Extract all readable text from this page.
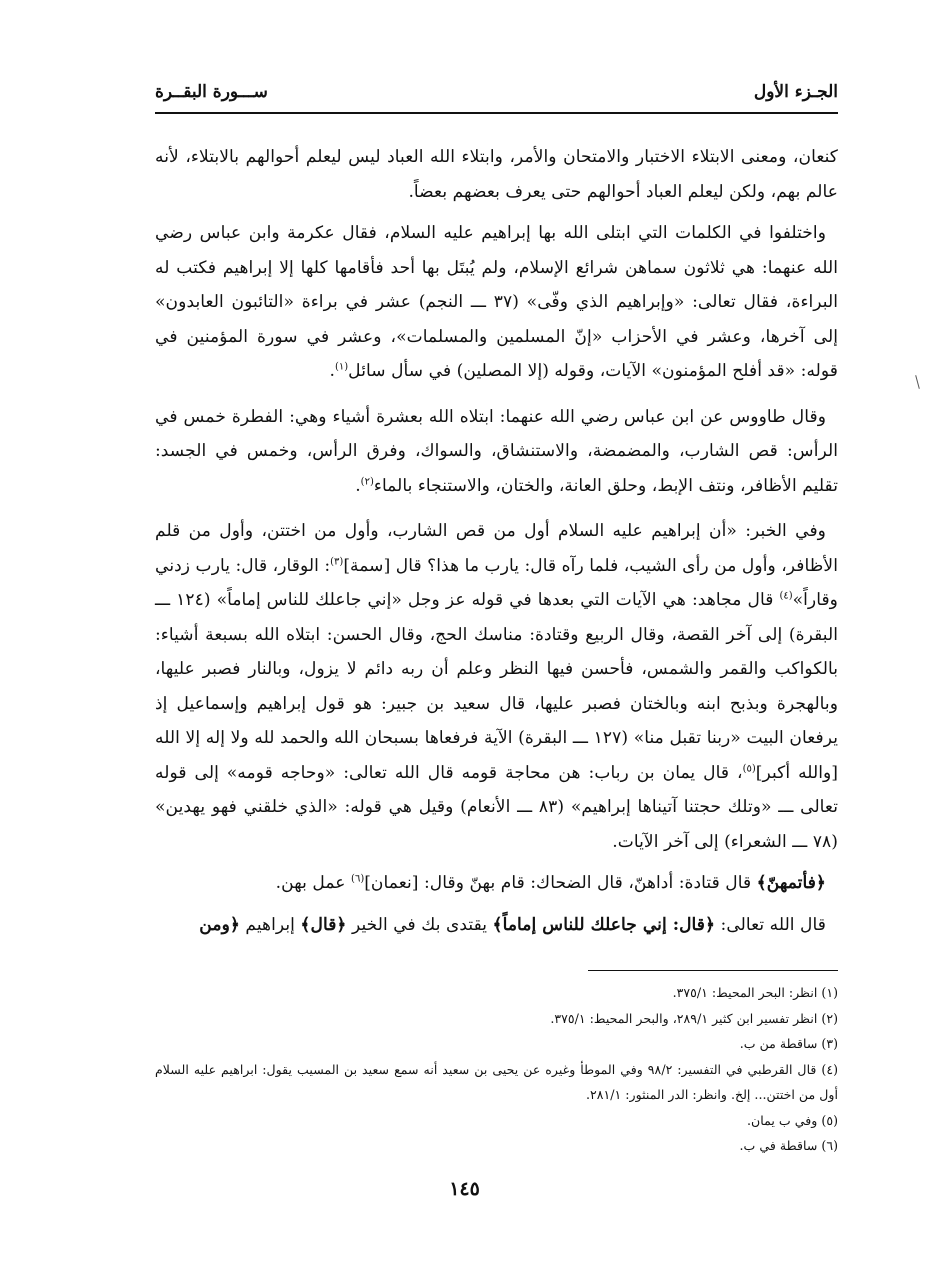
الجـزء الأول
ســـورة البقــرة

كنعان، ومعنى الابتلاء الاختبار والامتحان والأمر، وابتلاء الله العباد ليس ليعلم أحوالهم بالابتلاء، لأنه عالم بهم، ولكن ليعلم العباد أحوالهم حتى يعرف بعضهم بعضاً.

واختلفوا في الكلمات التي ابتلى الله بها إبراهيم عليه السلام، فقال عكرمة وابن عباس رضي الله عنهما: هي ثلاثون سماهن شرائع الإسلام، ولم يُبتَل بها أحد فأقامها كلها إلا إبراهيم فكتب له البراءة، فقال تعالى: «وإبراهيم الذي وفّى» (٣٧ ـــ النجم) عشر في براءة «التائبون العابدون» إلى آخرها، وعشر في الأحزاب «إنّ المسلمين والمسلمات»، وعشر في سورة المؤمنين في قوله: «قد أفلح المؤمنون» الآيات، وقوله (إلا المصلين) في سأل سائل$^{(١)}$.

وقال طاووس عن ابن عباس رضي الله عنهما: ابتلاه الله بعشرة أشياء وهي: الفطرة خمس في الرأس: قص الشارب، والمضمضة، والاستنشاق، والسواك، وفرق الرأس، وخمس في الجسد: تقليم الأظافر، ونتف الإبط، وحلق العانة، والختان، والاستنجاء بالماء$^{(٢)}$.

وفي الخبر: «أن إبراهيم عليه السلام أول من قص الشارب، وأول من اختتن، وأول من قلم الأظافر، وأول من رأى الشيب، فلما رآه قال: يارب ما هذا؟ قال [سمة]$^{(٣)}$: الوقار، قال: يارب زدني وقاراً»$^{(٤)}$ قال مجاهد: هي الآيات التي بعدها في قوله عز وجل «إني جاعلك للناس إماماً» (١٢٤ ـــ البقرة) إلى آخر القصة، وقال الربيع وقتادة: مناسك الحج، وقال الحسن: ابتلاه الله بسبعة أشياء: بالكواكب والقمر والشمس، فأحسن فيها النظر وعلم أن ربه دائم لا يزول، وبالنار فصبر عليها، وبالهجرة وبذبح ابنه وبالختان فصبر عليها، قال سعيد بن جبير: هو قول إبراهيم وإسماعيل إذ يرفعان البيت «ربنا تقبل منا» (١٢٧ ـــ البقرة) الآية فرفعاها بسبحان الله والحمد لله ولا إله إلا الله [والله أكبر]$^{(٥)}$، قال يمان بن رباب: هن محاجة قومه قال الله تعالى: «وحاجه قومه» إلى قوله تعالى ـــ «وتلك حجتنا آتيناها إبراهيم» (٨٣ ـــ الأنعام) وقيل هي قوله: «الذي خلقني فهو يهدين» (٧٨ ـــ الشعراء) إلى آخر الآيات.

﴿فأتمهنّ﴾ قال قتادة: أداهنّ، قال الضحاك: قام بهنّ وقال: [نعمان]$^{(٦)}$ عمل بهن.

قال الله تعالى: ﴿قال: إني جاعلك للناس إماماً﴾ يقتدى بك في الخير ﴿قال﴾ إبراهيم ﴿ومن

(١) انظر: البحر المحيط: ٣٧٥/١.

(٢) انظر تفسير ابن كثير ٢٨٩/١، والبحر المحيط: ٣٧٥/١.

(٣) ساقطة من ب.

(٤) قال القرطبي في التفسير: ٩٨/٢ وفي الموطأ وغيره عن يحيى بن سعيد أنه سمع سعيد بن المسيب يقول: ابراهيم عليه السلام أول من اختتن... إلخ. وانظر: الدر المنثور: ٢٨١/١.

(٥) وفي ب يمان.

(٦) ساقطة في ب.

١٤٥
